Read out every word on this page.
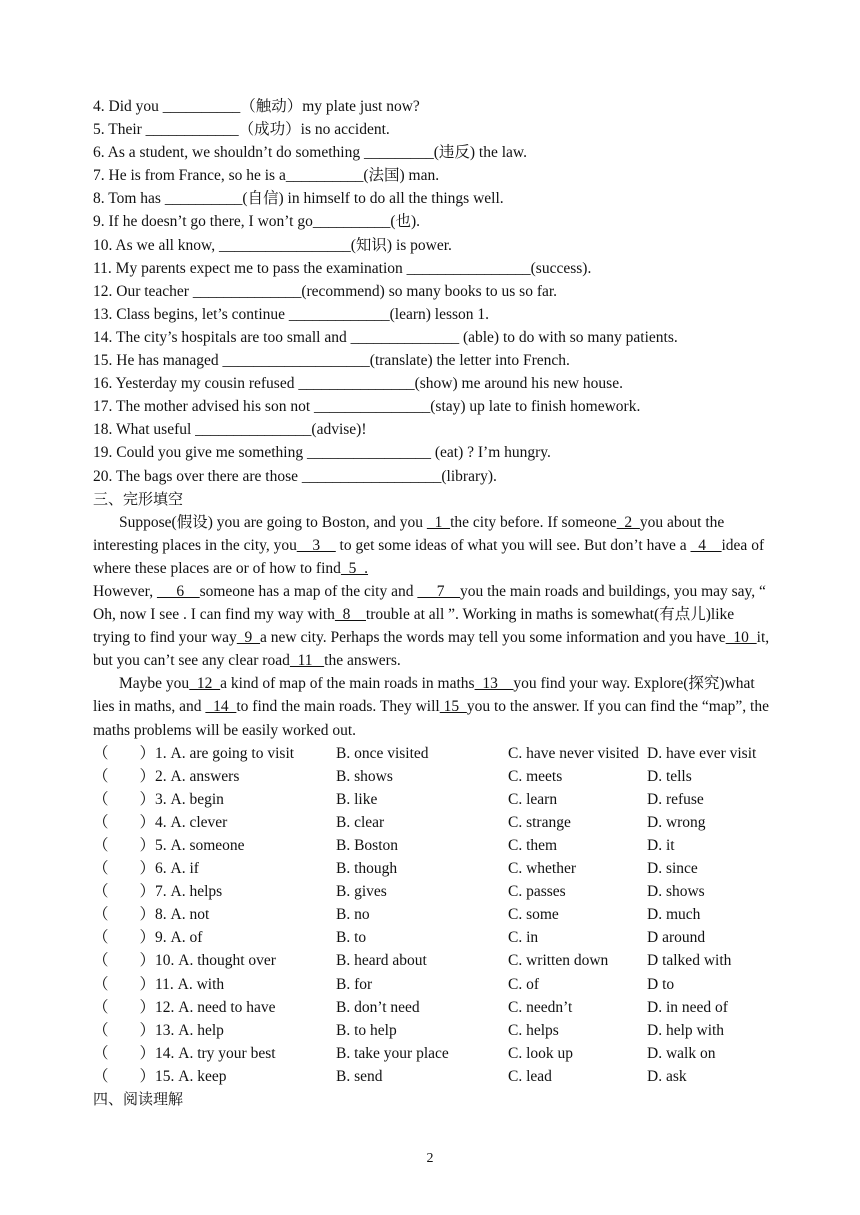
4. Did you __________（触动）my plate just now?
5. Their ____________（成功）is no accident.
6. As a student, we shouldn’t do something _________(违反) the law.
7. He is from France, so he is a__________(法国) man.
8. Tom has __________(自信) in himself to do all the things well.
9. If he doesn’t go there, I won’t go__________(也).
10. As we all know, _________________(知识) is power.
11. My parents expect me to pass the examination ________________(success).
12. Our teacher ______________(recommend) so many books to us so far.
13. Class begins, let’s continue _____________(learn) lesson 1.
14. The city’s hospitals are too small and ______________ (able) to do with so many patients.
15. He has managed ___________________(translate) the letter into French.
16. Yesterday my cousin refused _______________(show) me around his new house.
17. The mother advised his son not _______________(stay) up late to finish homework.
18. What useful _______________(advise)!
19. Could you give me something ________________ (eat) ? I’m hungry.
20. The bags over there are those __________________(library).
三、完形填空
Suppose(假设) you are going to Boston, and you   1  the city before. If someone  2  you about the interesting places in the city, you__3__ to get some ideas of what you will see. But don’t have a   4__idea of where these places are or of how to find  5  .
However,  __6__someone has a map of the city and  __7__you the main roads and buildings, you may say, “ Oh, now I see . I can find my way with  8__trouble at all ”. Working in maths is somewhat(有点儿)like trying to find your way  9  a new city. Perhaps the words may tell you some information and you have  10  it, but you can’t see any clear road  11   the answers.
Maybe you  12  a kind of map of the main roads in maths  13__you find your way. Explore(探究)what lies in maths, and   14  to find the main roads. They will 15  you to the answer. If you can find the “map”, the maths problems will be easily worked out.
（　　）1. A. are going to visit	B. once visited	C. have never visited	D. have ever visit
（　　）2. A. answers	B. shows	C. meets	D. tells
（　　）3. A. begin	B. like	C. learn	D. refuse
（　　）4. A. clever	B. clear	C. strange	D. wrong
（　　）5. A. someone	B. Boston	C. them	D. it
（　　）6. A. if	B. though	C. whether	D. since
（　　）7. A. helps	B. gives	C. passes	D. shows
（　　）8. A. not	B. no	C. some	D. much
（　　）9. A. of	B. to	C. in	D around
（　　）10. A. thought over	B. heard about	C. written down	D talked with
（　　）11. A. with	B. for	C. of	D to
（　　）12. A. need to have	B. don’t need	C. needn’t	D. in need of
（　　）13. A. help	B. to help	C. helps	D. help with
（　　）14. A. try your best	B. take your place	C. look up	D. walk on
（　　）15. A. keep	B. send	C. lead	D. ask
四、阅读理解
2
